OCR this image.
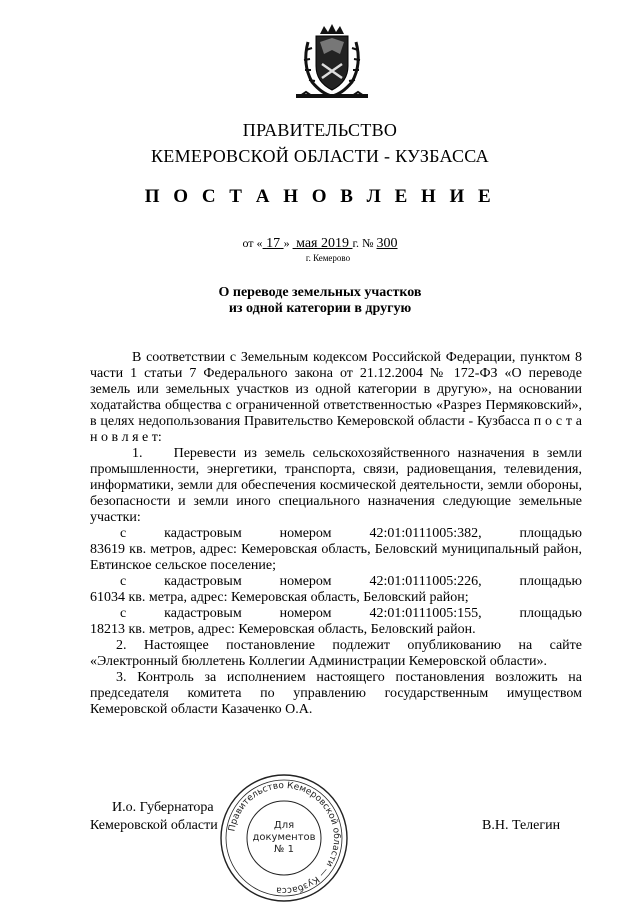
ПРАВИТЕЛЬСТВО
КЕМЕРОВСКОЙ ОБЛАСТИ - КУЗБАССА
П О С Т А Н О В Л Е Н И Е
от « 17 » мая 2019 г. № 300
г. Кемерово
О переводе земельных участков
из одной категории в другую

В соответствии с Земельным кодексом Российской Федерации, пунктом 8 части 1 статьи 7 Федерального закона от 21.12.2004 № 172-ФЗ «О переводе земель или земельных участков из одной категории в другую», на основании ходатайства общества с ограниченной ответственностью «Разрез Пермяковский», в целях недопользования Правительство Кемеровской области - Кузбасса п о с т а н о в л я е т:

1.    Перевести из земель сельскохозяйственного назначения в земли промышленности, энергетики, транспорта, связи, радиовещания, телевидения, информатики, земли для обеспечения космической деятельности, земли обороны, безопасности и земли иного специального назначения следующие земельные участки:

с	кадастровым	номером	42:01:0111005:382,	площадью

83619 кв. метров, адрес: Кемеровская область, Беловский муниципальный район, Евтинское сельское поселение;

с	кадастровым	номером	42:01:0111005:226,	площадью

61034 кв. метра, адрес: Кемеровская область, Беловский район;

с	кадастровым	номером	42:01:0111005:155,	площадью

18213 кв. метров, адрес: Кемеровская область, Беловский район.

2. Настоящее постановление подлежит опубликованию на сайте «Электронный бюллетень Коллегии Администрации Кемеровской области».

3. Контроль за исполнением настоящего постановления возложить на председателя комитета по управлению государственным имуществом Кемеровской области Казаченко О.А.

И.о. Губернатора
Кемеровской области	В.Н. Телегин
Правительство Кемеровской области — Кузбасса
Для
документов
№ 1
